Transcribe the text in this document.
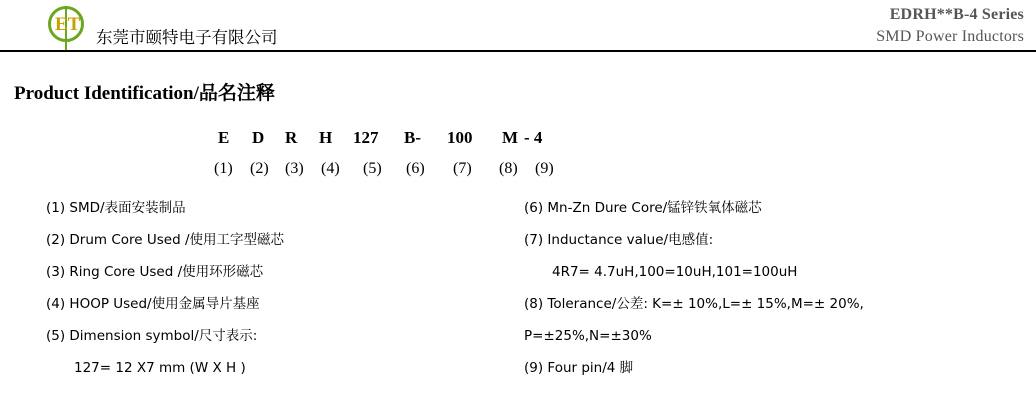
ET
东莞市颐特电子有限公司
EDRH**B-4 Series
SMD Power Inductors
Product Identification/品名注释
E D R H 127 B- 100 M - 4
(1) (2) (3) (4) (5) (6) (7) (8) (9)
(1) SMD/表面安装制品
(2) Drum Core Used /使用工字型磁芯
(3) Ring Core Used /使用环形磁芯
(4) HOOP Used/使用金属导片基座
(5) Dimension symbol/尺寸表示:
127= 12 X7 mm (W X H )
(6) Mn-Zn Dure Core/锰锌铁氧体磁芯
(7) Inductance value/电感值:
4R7= 4.7uH,100=10uH,101=100uH
(8) Tolerance/公差: K=± 10%,L=± 15%,M=± 20%,
P=±25%,N=±30%
(9) Four pin/4 脚
